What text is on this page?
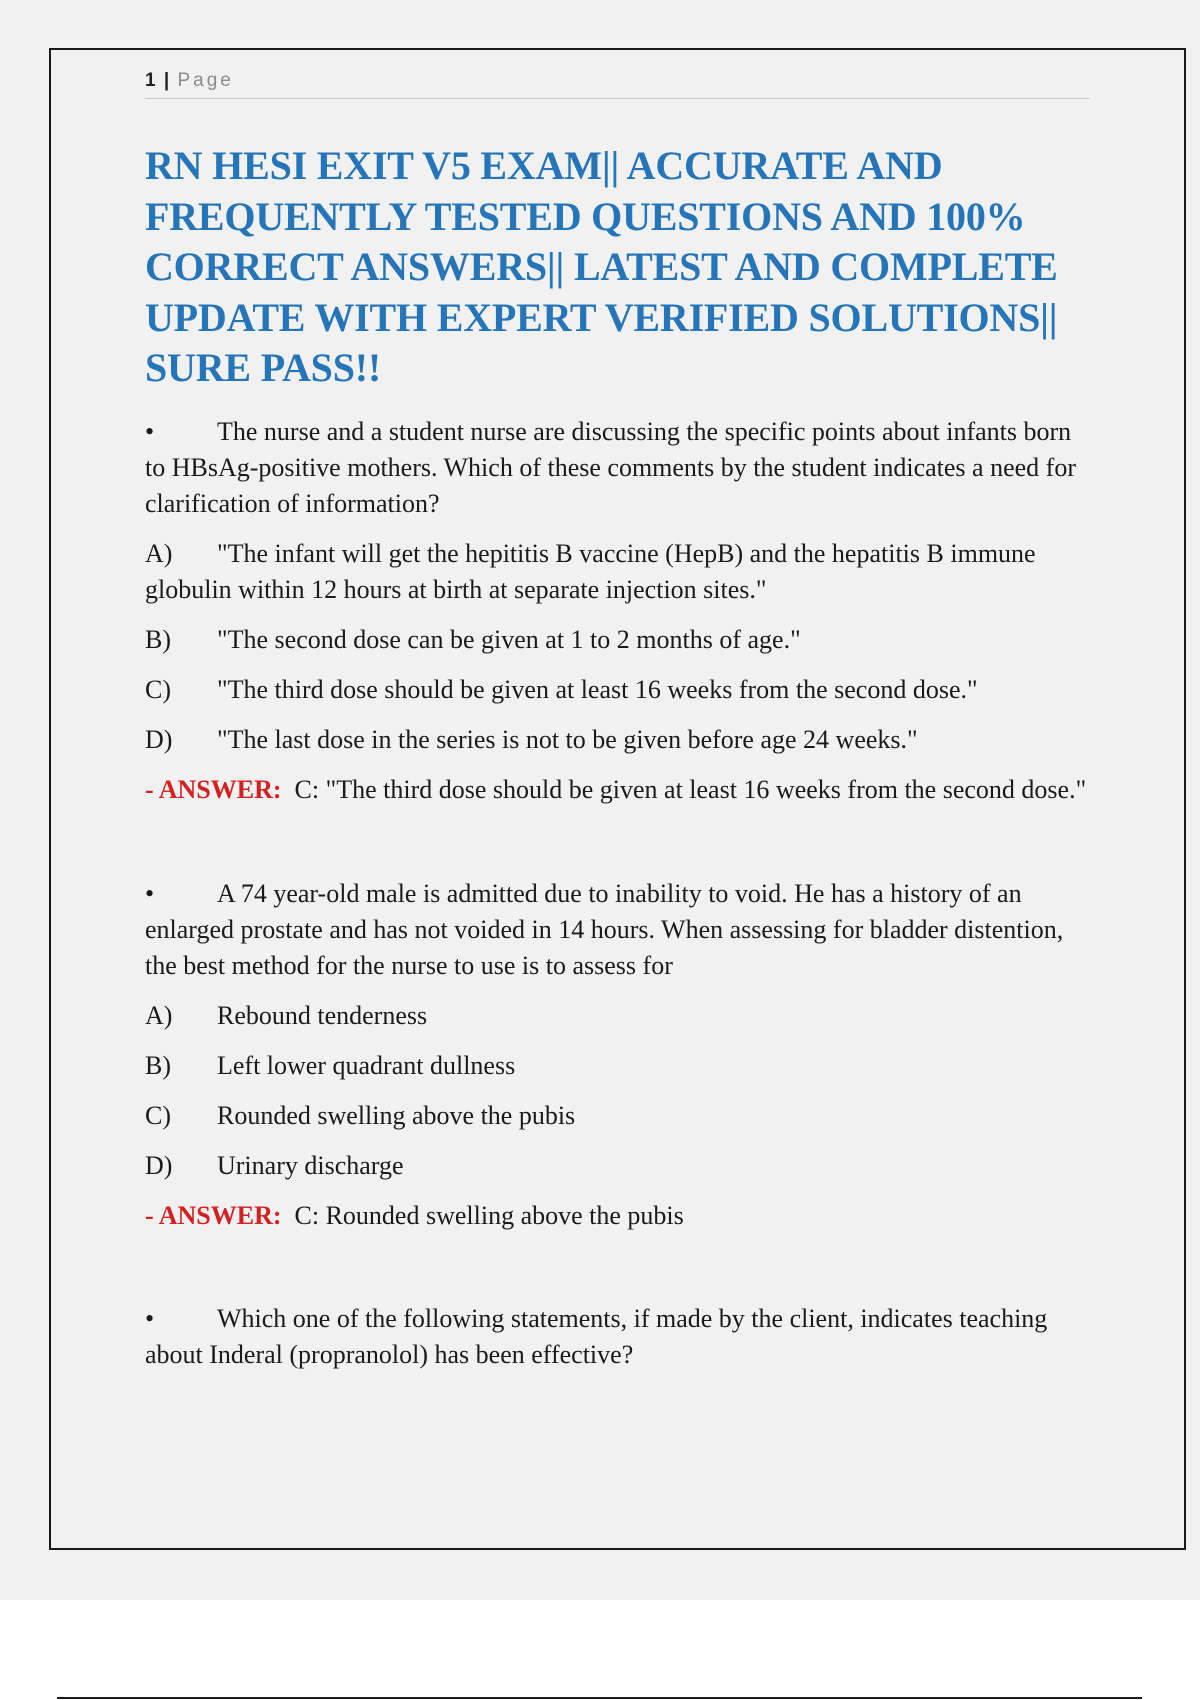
1 | Page
RN HESI EXIT V5 EXAM|| ACCURATE AND FREQUENTLY TESTED QUESTIONS AND 100% CORRECT ANSWERS|| LATEST AND COMPLETE UPDATE WITH EXPERT VERIFIED SOLUTIONS|| SURE PASS!!
• The nurse and a student nurse are discussing the specific points about infants born to HBsAg-positive mothers. Which of these comments by the student indicates a need for clarification of information?
A) "The infant will get the hepititis B vaccine (HepB) and the hepatitis B immune globulin within 12 hours at birth at separate injection sites."
B) "The second dose can be given at 1 to 2 months of age."
C) "The third dose should be given at least 16 weeks from the second dose."
D) "The last dose in the series is not to be given before age 24 weeks."
- ANSWER: C: "The third dose should be given at least 16 weeks from the second dose."
• A 74 year-old male is admitted due to inability to void. He has a history of an enlarged prostate and has not voided in 14 hours. When assessing for bladder distention, the best method for the nurse to use is to assess for
A) Rebound tenderness
B) Left lower quadrant dullness
C) Rounded swelling above the pubis
D) Urinary discharge
- ANSWER: C: Rounded swelling above the pubis
• Which one of the following statements, if made by the client, indicates teaching about Inderal (propranolol) has been effective?
